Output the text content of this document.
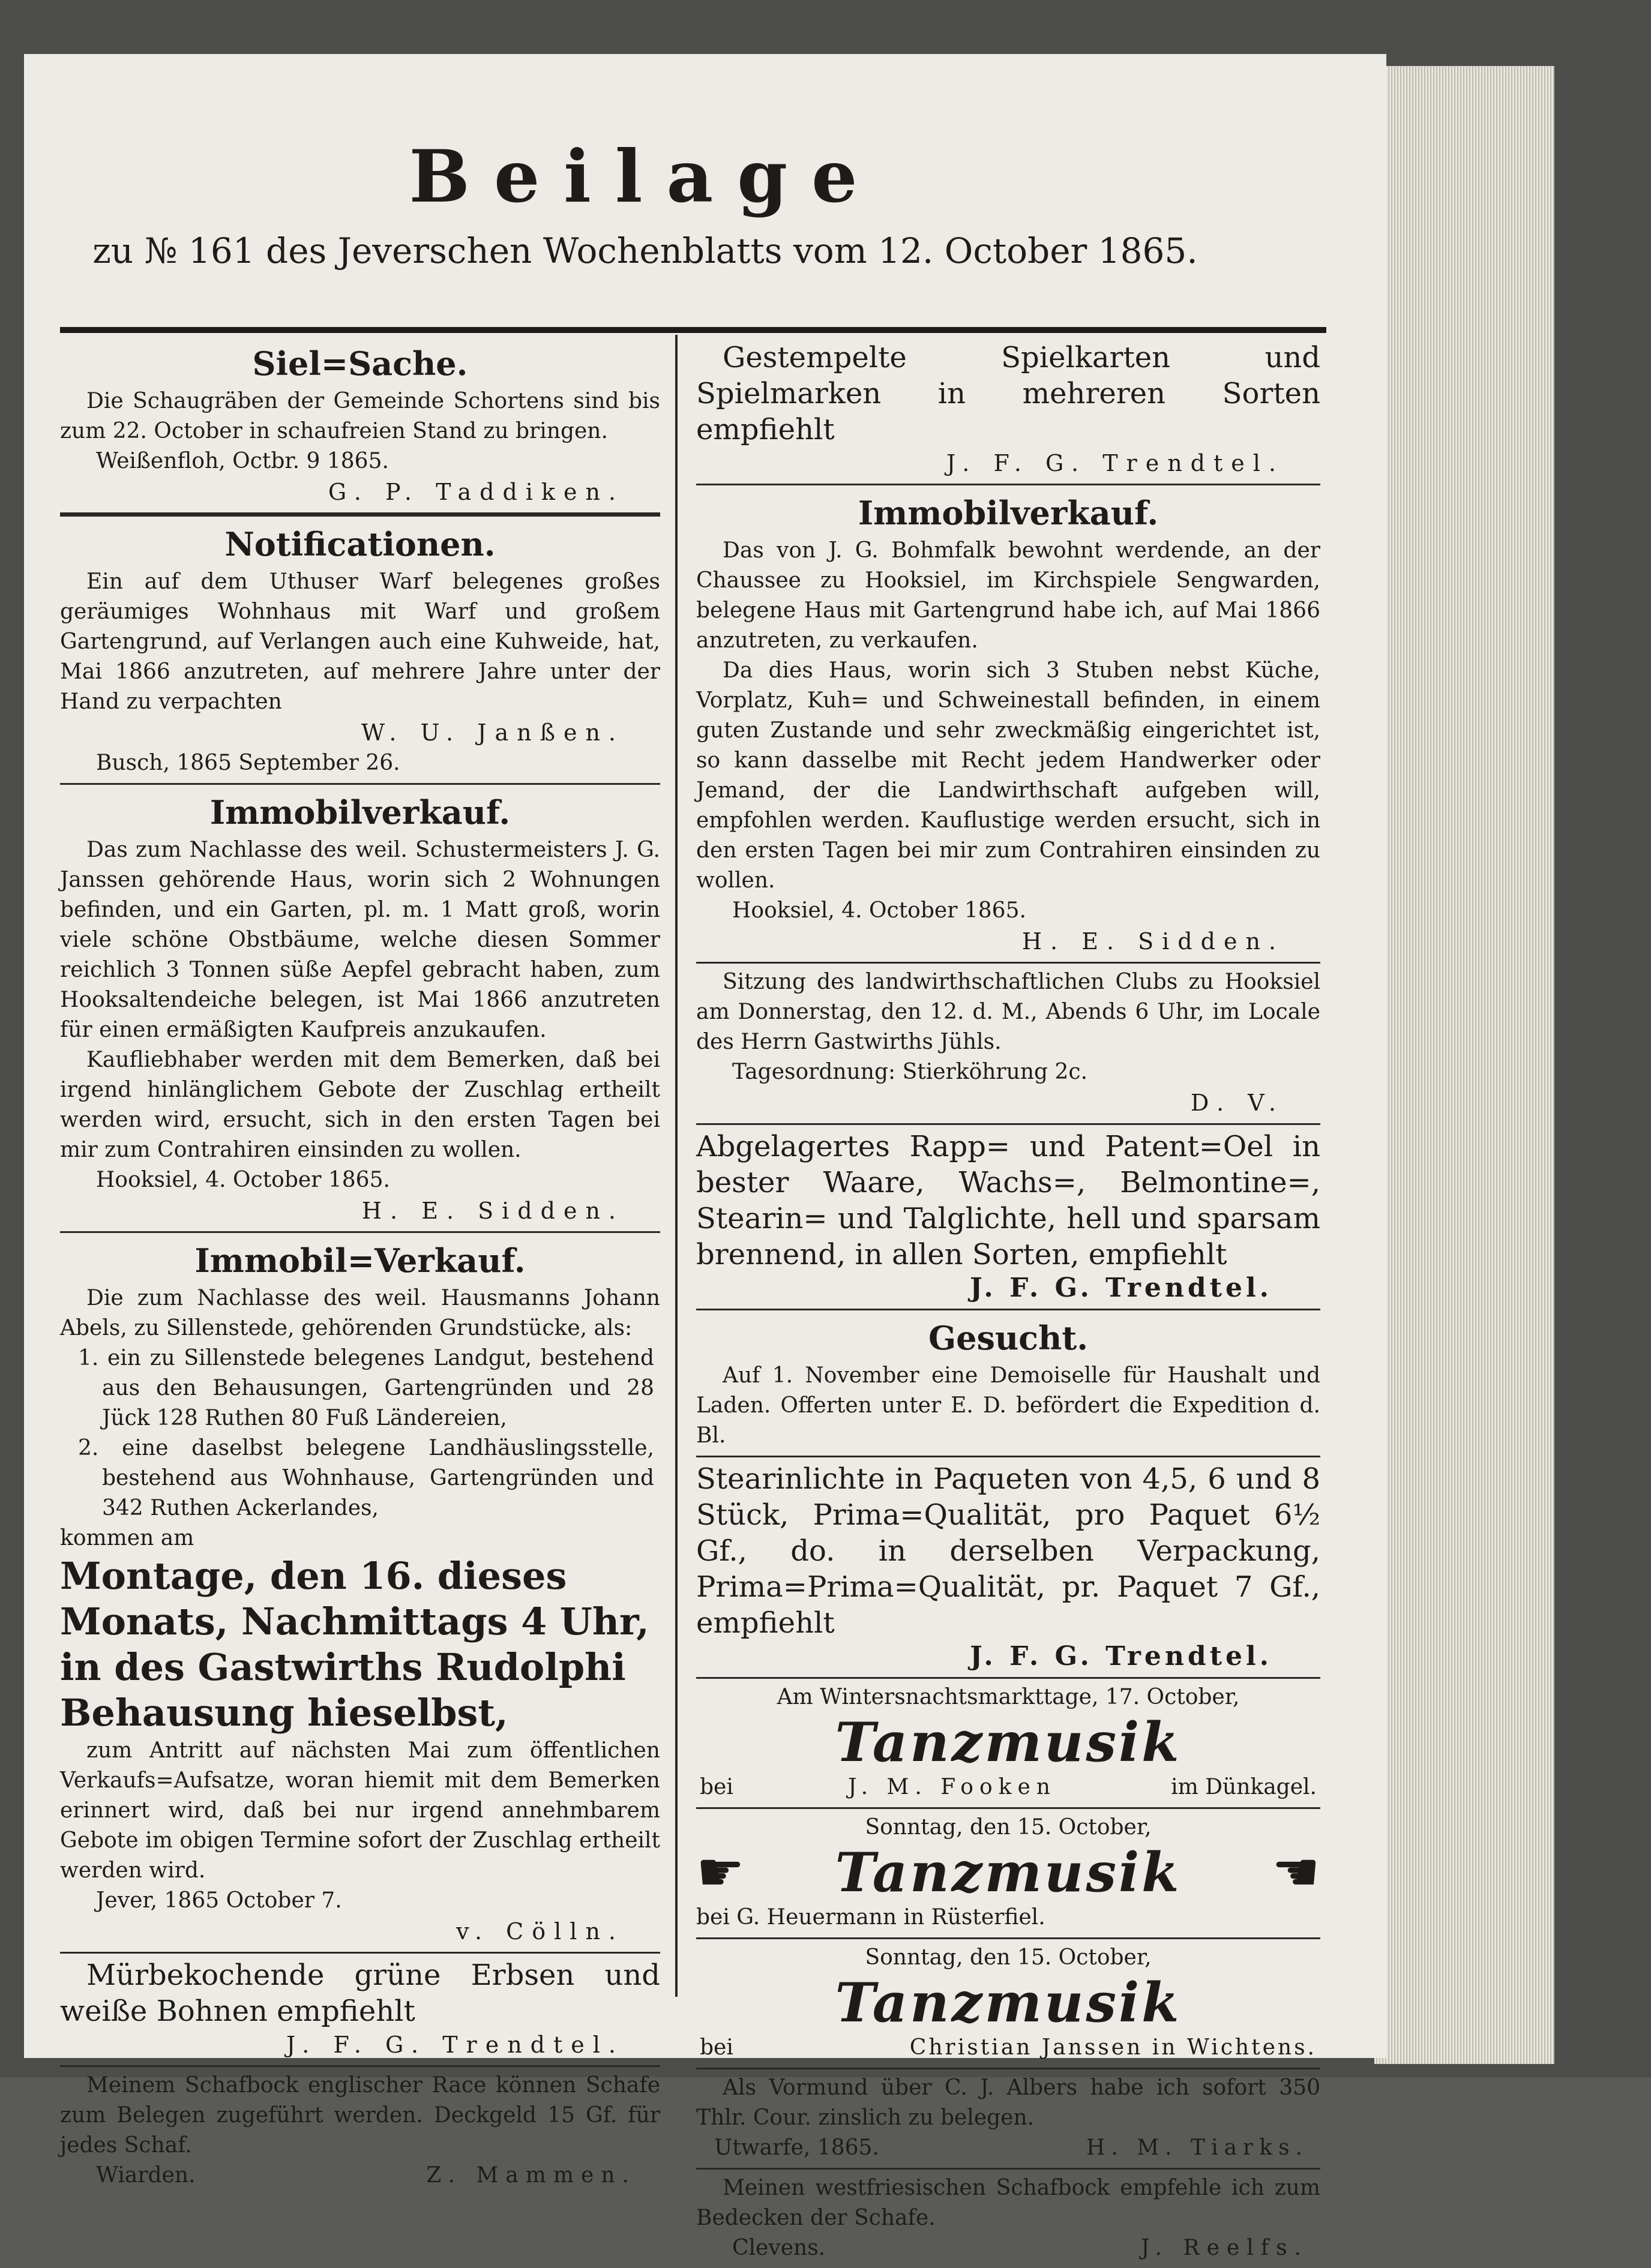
Beilage
zu № 161 des Jeverschen Wochenblatts vom 12. October 1865.
Siel=Sache.

Die Schaugräben der Gemeinde Schortens sind bis zum 22. October in schaufreien Stand zu bringen.

Weißenfloh, Octbr. 9 1865.

G. P. Taddiken.

Notificationen.

Ein auf dem Uthuser Warf belegenes großes geräumiges Wohnhaus mit Warf und großem Gartengrund, auf Verlangen auch eine Kuhweide, hat, Mai 1866 anzutreten, auf mehrere Jahre unter der Hand zu verpachten

W. U. Janßen.

Busch, 1865 September 26.

Immobilverkauf.

Das zum Nachlasse des weil. Schustermeisters J. G. Janssen gehörende Haus, worin sich 2 Wohnungen befinden, und ein Garten, pl. m. 1 Matt groß, worin viele schöne Obstbäume, welche diesen Sommer reichlich 3 Tonnen süße Aepfel gebracht haben, zum Hooksaltendeiche belegen, ist Mai 1866 anzutreten für einen ermäßigten Kaufpreis anzukaufen.

Kaufliebhaber werden mit dem Bemerken, daß bei irgend hinlänglichem Gebote der Zuschlag ertheilt werden wird, ersucht, sich in den ersten Tagen bei mir zum Contrahiren einsinden zu wollen.

Hooksiel, 4. October 1865.

H. E. Sidden.

Immobil=Verkauf.

Die zum Nachlasse des weil. Hausmanns Johann Abels, zu Sillenstede, gehörenden Grundstücke, als:

1. ein zu Sillenstede belegenes Landgut, bestehend aus den Behausungen, Gartengründen und 28 Jück 128 Ruthen 80 Fuß Ländereien,

2. eine daselbst belegene Landhäuslingsstelle, bestehend aus Wohnhause, Gartengründen und 342 Ruthen Ackerlandes,

kommen am

Montage, den 16. dieses Monats, Nachmittags 4 Uhr, in des Gastwirths Rudolphi Behausung hieselbst,

zum Antritt auf nächsten Mai zum öffentlichen Verkaufs=Aufsatze, woran hiemit mit dem Bemerken erinnert wird, daß bei nur irgend annehmbarem Gebote im obigen Termine sofort der Zuschlag ertheilt werden wird.

Jever, 1865 October 7.

v. Cölln.

Mürbekochende grüne Erbsen und weiße Bohnen empfiehlt

J. F. G. Trendtel.

Meinem Schafbock englischer Race können Schafe zum Belegen zugeführt werden. Deckgeld 15 Gf. für jedes Schaf.

Wiarden.	Z. Mammen.

Gestempelte Spielkarten und Spielmarken in mehreren Sorten empfiehlt

J. F. G. Trendtel.

Immobilverkauf.

Das von J. G. Bohmfalk bewohnt werdende, an der Chaussee zu Hooksiel, im Kirchspiele Sengwarden, belegene Haus mit Gartengrund habe ich, auf Mai 1866 anzutreten, zu verkaufen.

Da dies Haus, worin sich 3 Stuben nebst Küche, Vorplatz, Kuh= und Schweinestall befinden, in einem guten Zustande und sehr zweckmäßig eingerichtet ist, so kann dasselbe mit Recht jedem Handwerker oder Jemand, der die Landwirthschaft aufgeben will, empfohlen werden. Kauflustige werden ersucht, sich in den ersten Tagen bei mir zum Contrahiren einsinden zu wollen.

Hooksiel, 4. October 1865.

H. E. Sidden.

Sitzung des landwirthschaftlichen Clubs zu Hooksiel am Donnerstag, den 12. d. M., Abends 6 Uhr, im Locale des Herrn Gastwirths Jühls.

Tagesordnung: Stierköhrung 2c.

D. V.

Abgelagertes Rapp= und Patent=Oel in bester Waare, Wachs=, Belmontine=, Stearin= und Talglichte, hell und sparsam brennend, in allen Sorten, empfiehlt

J. F. G. Trendtel.

Gesucht.

Auf 1. November eine Demoiselle für Haushalt und Laden. Offerten unter E. D. befördert die Expedition d. Bl.

Stearinlichte in Paqueten von 4,5, 6 und 8 Stück, Prima=Qualität, pro Paquet 6½ Gf., do. in derselben Verpackung, Prima=Prima=Qualität, pr. Paquet 7 Gf., empfiehlt

J. F. G. Trendtel.

Am Wintersnachtsmarkttage, 17. October,

Tanzmusik
bei	J. M. Fooken	im Dünkagel.

Sonntag, den 15. October,

☛ Tanzmusik ☛

bei G. Heuermann in Rüsterfiel.

Sonntag, den 15. October,

Tanzmusik
bei	Christian Janssen in Wichtens.

Als Vormund über C. J. Albers habe ich sofort 350 Thlr. Cour. zinslich zu belegen.

Utwarfe, 1865.	H. M. Tiarks.

Meinen westfriesischen Schafbock empfehle ich zum Bedecken der Schafe.

Clevens.	J. Reelfs.
